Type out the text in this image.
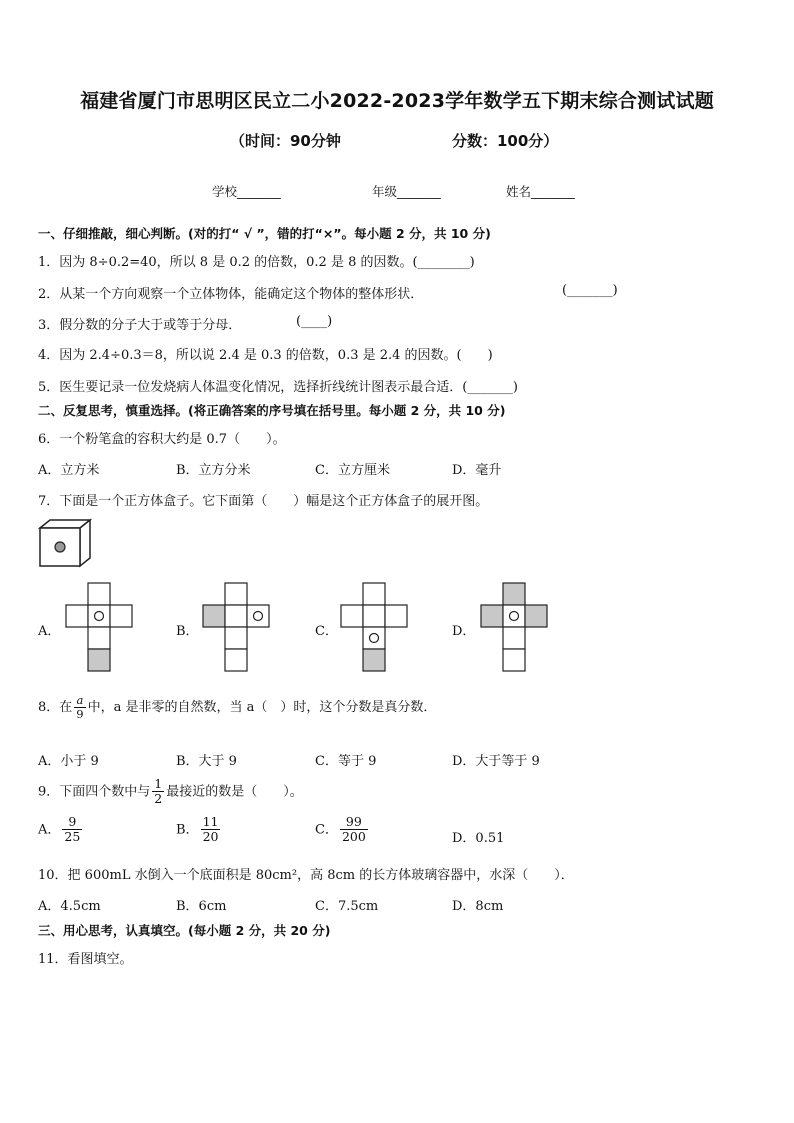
福建省厦门市思明区民立二小2022-2023学年数学五下期末综合测试试题
（时间：90分钟	分数：100分）
学校_______	年级_______	姓名_______
一、仔细推敲，细心判断。(对的打“ √ ”，错的打“×”。每小题 2 分，共 10 分)
1．因为 8÷0.2=40，所以 8 是 0.2 的倍数，0.2 是 8 的因数。(________)
2．从某一个方向观察一个立体物体，能确定这个物体的整体形状．	(_______)
3．假分数的分子大于或等于分母．	(____)
4．因为 2.4÷0.3＝8，所以说 2.4 是 0.3 的倍数，0.3 是 2.4 的因数。(　　)
5．医生要记录一位发烧病人体温变化情况，选择折线统计图表示最合适．(_______)
二、反复思考，慎重选择。(将正确答案的序号填在括号里。每小题 2 分，共 10 分)
6．一个粉笔盒的容积大约是 0.7（　　）。
A．立方米	B．立方分米	C．立方厘米	D．毫升
7．下面是一个正方体盒子。它下面第（　　）幅是这个正方体盒子的展开图。
A．	B．	C．	D．
8．在 $\frac{a}{9}$ 中，a 是非零的自然数，当 a（　）时，这个分数是真分数．
A．小于 9	B．大于 9	C．等于 9	D．大于等于 9
9．下面四个数中与 $\frac{1}{2}$ 最接近的数是（　　）。
A． $\frac{9}{25}$	B． $\frac{11}{20}$	C． $\frac{99}{200}$	D．0.51
10．把 600mL 水倒入一个底面积是 80cm²，高 8cm 的长方体玻璃容器中，水深（　　）．
A．4.5cm	B．6cm	C．7.5cm	D．8cm
三、用心思考，认真填空。(每小题 2 分，共 20 分)
11．看图填空。
